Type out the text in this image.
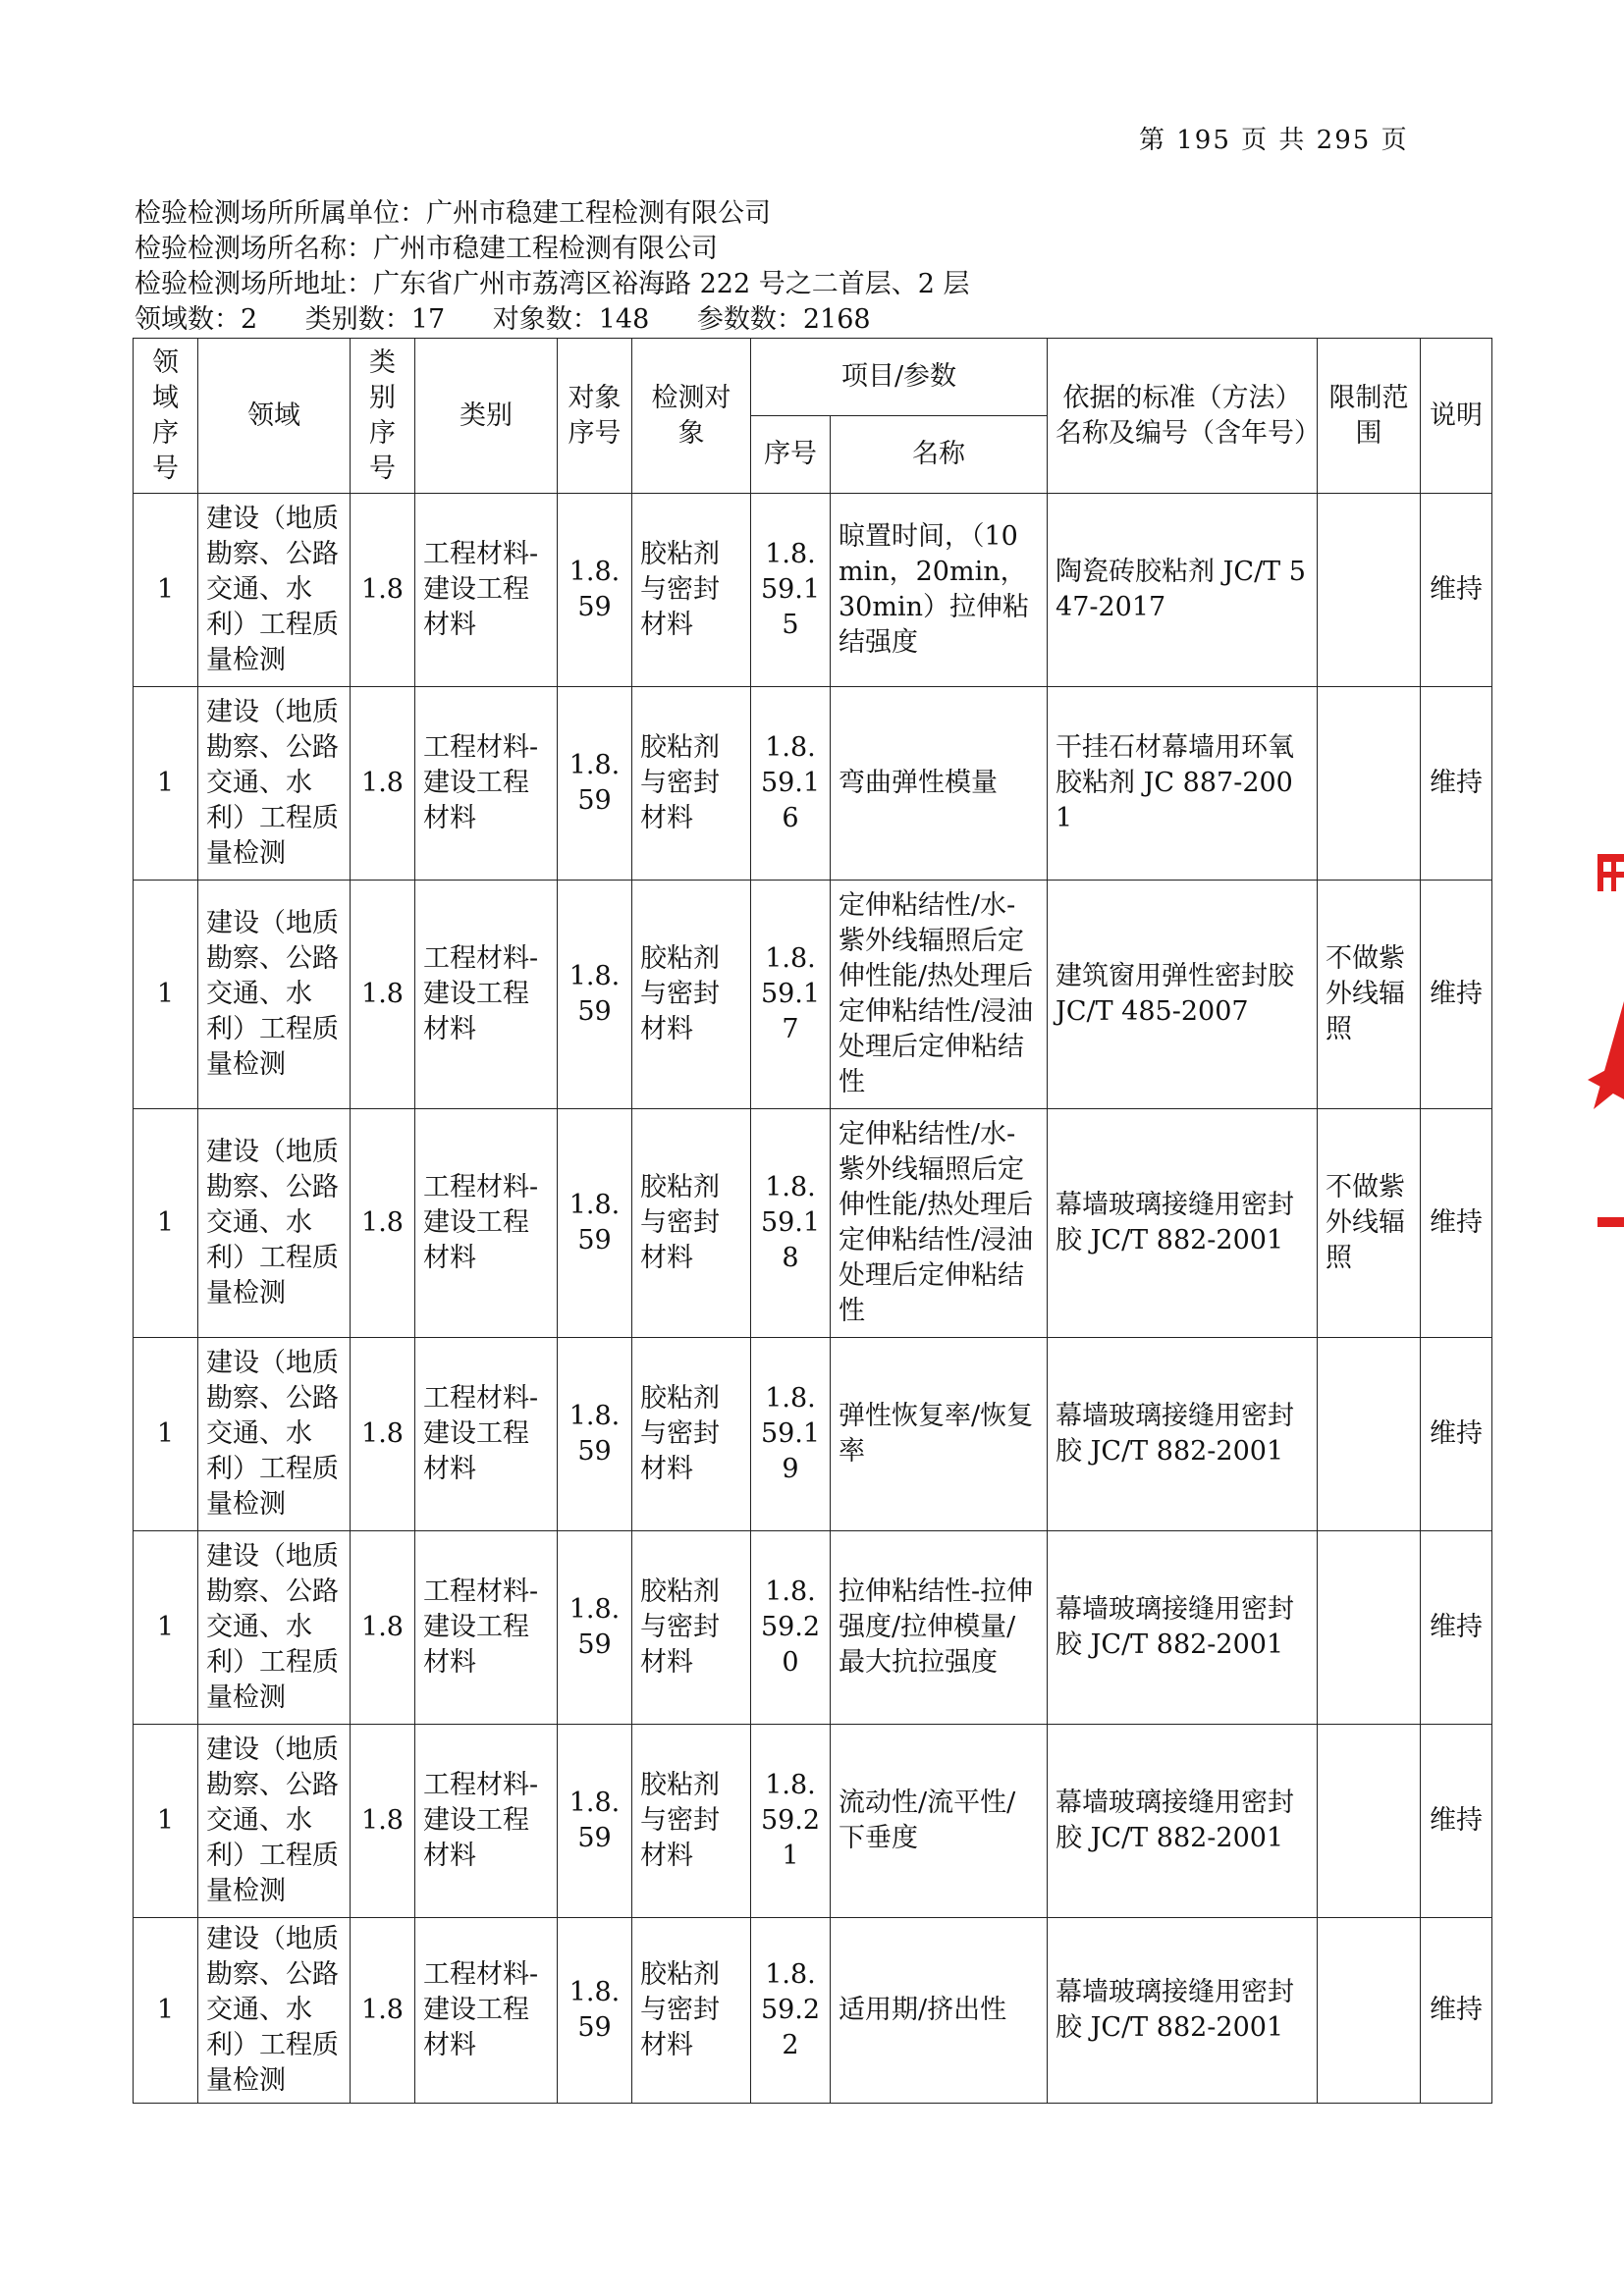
第 195 页 共 295 页
检验检测场所所属单位：广州市稳建工程检测有限公司
检验检测场所名称：广州市稳建工程检测有限公司
检验检测场所地址：广东省广州市荔湾区裕海路 222 号之二首层、2 层
领域数：2 类别数：17 对象数：148 参数数：2168
领域序号	领域	类别序号	类别	对象序号	检测对象	项目/参数		依据的标准（方法）名称及编号（含年号）	限制范围	说明
						序号	名称			
1	建设（地质勘察、公路交通、水利）工程质量检测	1.8	工程材料-建设工程材料	1.8.59	胶粘剂与密封材料	1.8.59.15	晾置时间，（10min，20min，30min）拉伸粘结强度	陶瓷砖胶粘剂 JC/T 547-2017		维持
1	建设（地质勘察、公路交通、水利）工程质量检测	1.8	工程材料-建设工程材料	1.8.59	胶粘剂与密封材料	1.8.59.16	弯曲弹性模量	干挂石材幕墙用环氧胶粘剂 JC 887-2001		维持
1	建设（地质勘察、公路交通、水利）工程质量检测	1.8	工程材料-建设工程材料	1.8.59	胶粘剂与密封材料	1.8.59.17	定伸粘结性/水-紫外线辐照后定伸性能/热处理后定伸粘结性/浸油处理后定伸粘结性	建筑窗用弹性密封胶 JC/T 485-2007	不做紫外线辐照	维持
1	建设（地质勘察、公路交通、水利）工程质量检测	1.8	工程材料-建设工程材料	1.8.59	胶粘剂与密封材料	1.8.59.18	定伸粘结性/水-紫外线辐照后定伸性能/热处理后定伸粘结性/浸油处理后定伸粘结性	幕墙玻璃接缝用密封胶 JC/T 882-2001	不做紫外线辐照	维持
1	建设（地质勘察、公路交通、水利）工程质量检测	1.8	工程材料-建设工程材料	1.8.59	胶粘剂与密封材料	1.8.59.19	弹性恢复率/恢复率	幕墙玻璃接缝用密封胶 JC/T 882-2001		维持
1	建设（地质勘察、公路交通、水利）工程质量检测	1.8	工程材料-建设工程材料	1.8.59	胶粘剂与密封材料	1.8.59.20	拉伸粘结性-拉伸强度/拉伸模量/最大抗拉强度	幕墙玻璃接缝用密封胶 JC/T 882-2001		维持
1	建设（地质勘察、公路交通、水利）工程质量检测	1.8	工程材料-建设工程材料	1.8.59	胶粘剂与密封材料	1.8.59.21	流动性/流平性/下垂度	幕墙玻璃接缝用密封胶 JC/T 882-2001		维持
1	建设（地质勘察、公路交通、水利）工程质量检测	1.8	工程材料-建设工程材料	1.8.59	胶粘剂与密封材料	1.8.59.22	适用期/挤出性	幕墙玻璃接缝用密封胶 JC/T 882-2001		维持
